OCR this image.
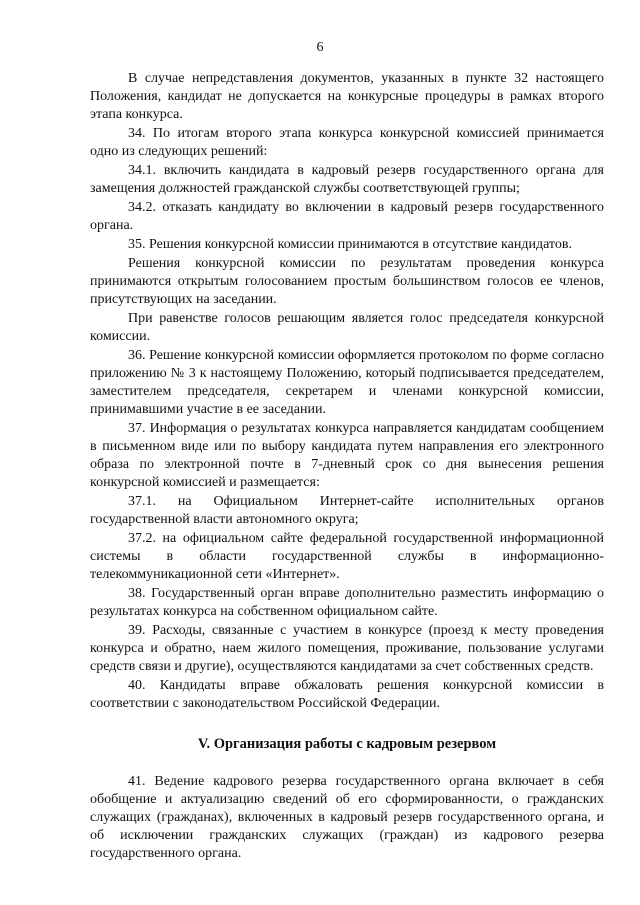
6

В случае непредставления документов, указанных в пункте 32 настоящего Положения, кандидат не допускается на конкурсные процедуры в рамках второго этапа конкурса.

34. По итогам второго этапа конкурса конкурсной комиссией принимается одно из следующих решений:

34.1. включить кандидата в кадровый резерв государственного органа для замещения должностей гражданской службы соответствующей группы;

34.2. отказать кандидату во включении в кадровый резерв государственного органа.

35. Решения конкурсной комиссии принимаются в отсутствие кандидатов.

Решения конкурсной комиссии по результатам проведения конкурса принимаются открытым голосованием простым большинством голосов ее членов, присутствующих на заседании.

При равенстве голосов решающим является голос председателя конкурсной комиссии.

36. Решение конкурсной комиссии оформляется протоколом по форме согласно приложению № 3 к настоящему Положению, который подписывается председателем, заместителем председателя, секретарем и членами конкурсной комиссии, принимавшими участие в ее заседании.

37. Информация о результатах конкурса направляется кандидатам сообщением в письменном виде или по выбору кандидата путем направления его электронного образа по электронной почте в 7-дневный срок со дня вынесения решения конкурсной комиссией и размещается:

37.1. на Официальном Интернет-сайте исполнительных органов государственной власти автономного округа;

37.2. на официальном сайте федеральной государственной информационной системы в области государственной службы в информационно-телекоммуникационной сети «Интернет».

38. Государственный орган вправе дополнительно разместить информацию о результатах конкурса на собственном официальном сайте.

39. Расходы, связанные с участием в конкурсе (проезд к месту проведения конкурса и обратно, наем жилого помещения, проживание, пользование услугами средств связи и другие), осуществляются кандидатами за счет собственных средств.

40. Кандидаты вправе обжаловать решения конкурсной комиссии в соответствии с законодательством Российской Федерации.

V. Организация работы с кадровым резервом

41. Ведение кадрового резерва государственного органа включает в себя обобщение и актуализацию сведений об его сформированности, о гражданских служащих (гражданах), включенных в кадровый резерв государственного органа, и об исключении гражданских служащих (граждан) из кадрового резерва государственного органа.
